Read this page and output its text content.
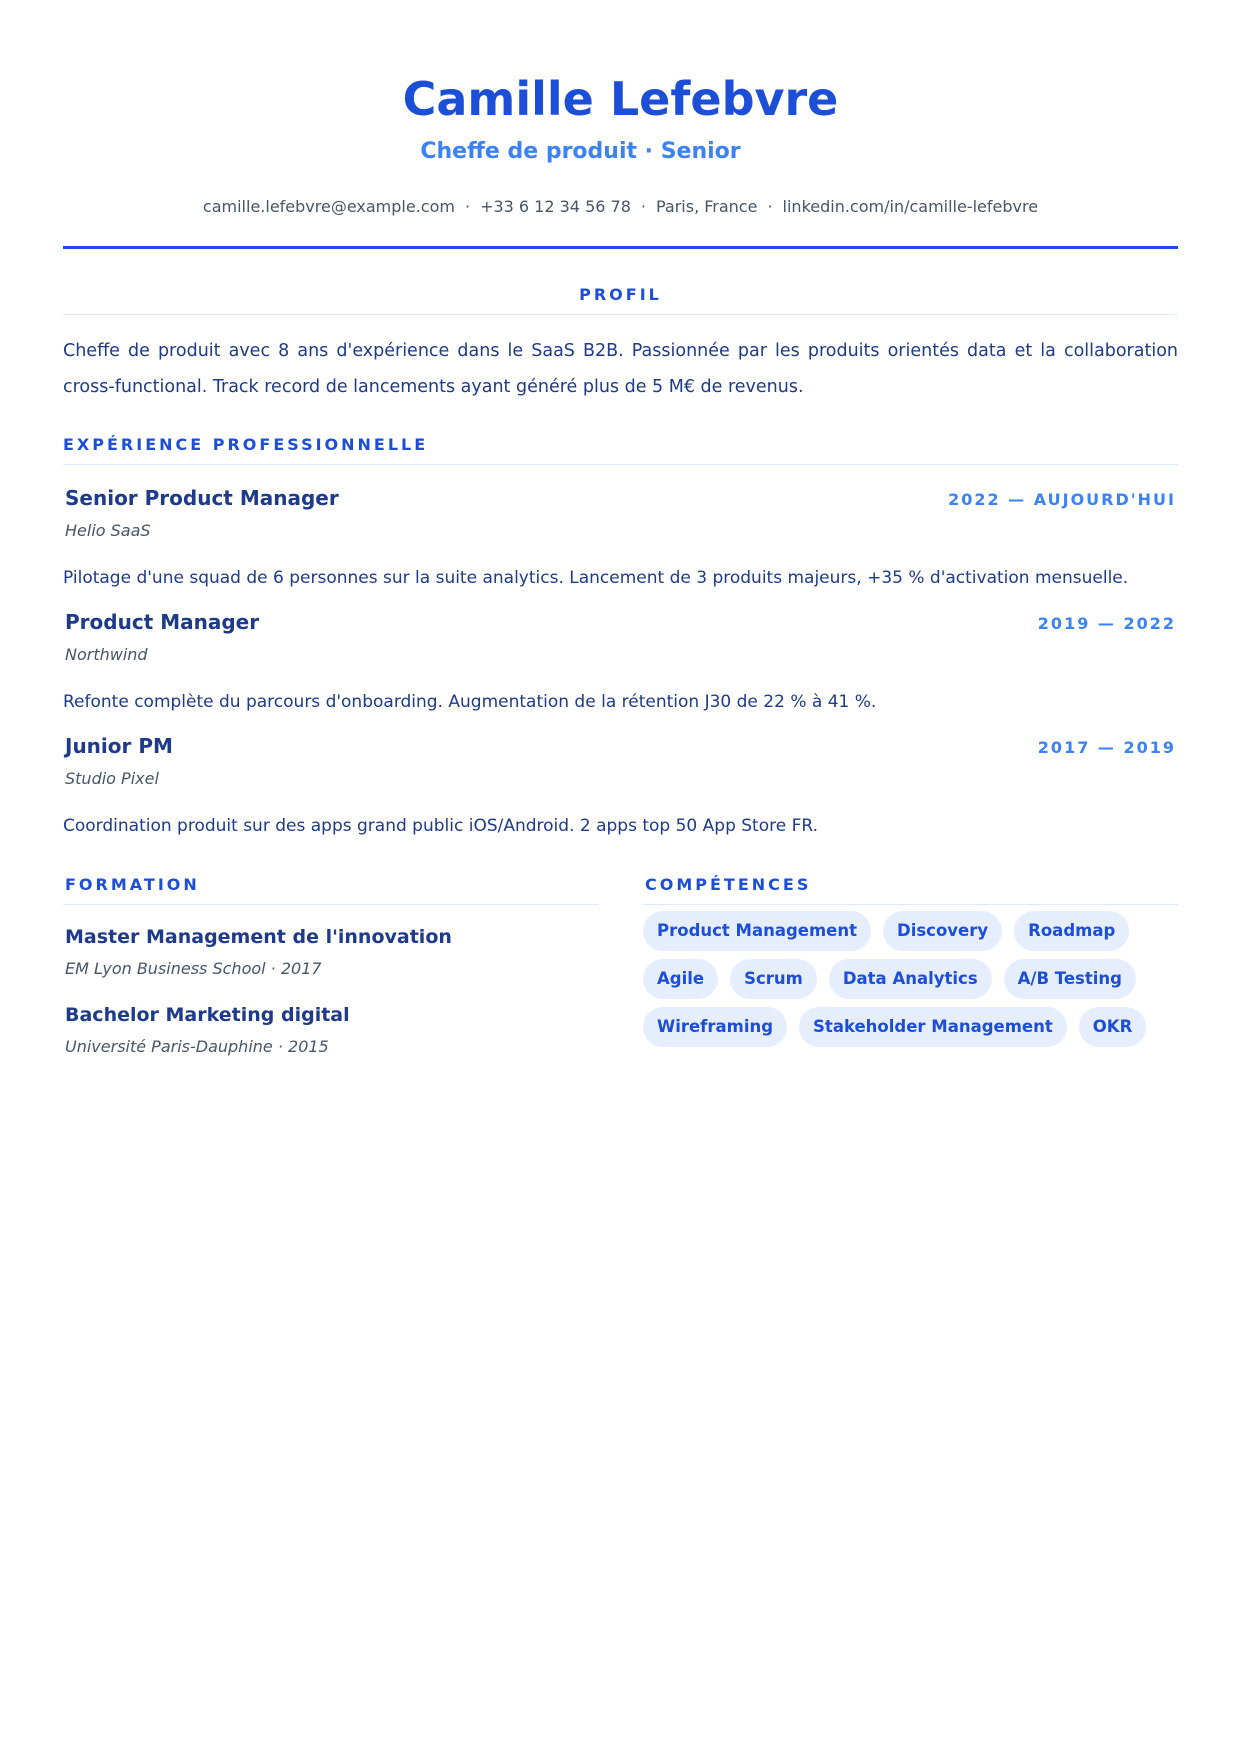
Camille Lefebvre
Cheffe de produit · Senior
camille.lefebvre@example.com · +33 6 12 34 56 78 · Paris, France · linkedin.com/in/camille-lefebvre
PROFIL
Cheffe de produit avec 8 ans d'expérience dans le SaaS B2B. Passionnée par les produits orientés data et la collaboration cross-functional. Track record de lancements ayant généré plus de 5 M€ de revenus.
EXPÉRIENCE PROFESSIONNELLE
Senior Product Manager	2022 — AUJOURD'HUI
Helio SaaS
Pilotage d'une squad de 6 personnes sur la suite analytics. Lancement de 3 produits majeurs, +35 % d'activation mensuelle.
Product Manager	2019 — 2022
Northwind
Refonte complète du parcours d'onboarding. Augmentation de la rétention J30 de 22 % à 41 %.
Junior PM	2017 — 2019
Studio Pixel
Coordination produit sur des apps grand public iOS/Android. 2 apps top 50 App Store FR.
FORMATION
Master Management de l'innovation
EM Lyon Business School · 2017
Bachelor Marketing digital
Université Paris-Dauphine · 2015
COMPÉTENCES
Product Management	Discovery	Roadmap
Agile	Scrum	Data Analytics	A/B Testing
Wireframing	Stakeholder Management	OKR
